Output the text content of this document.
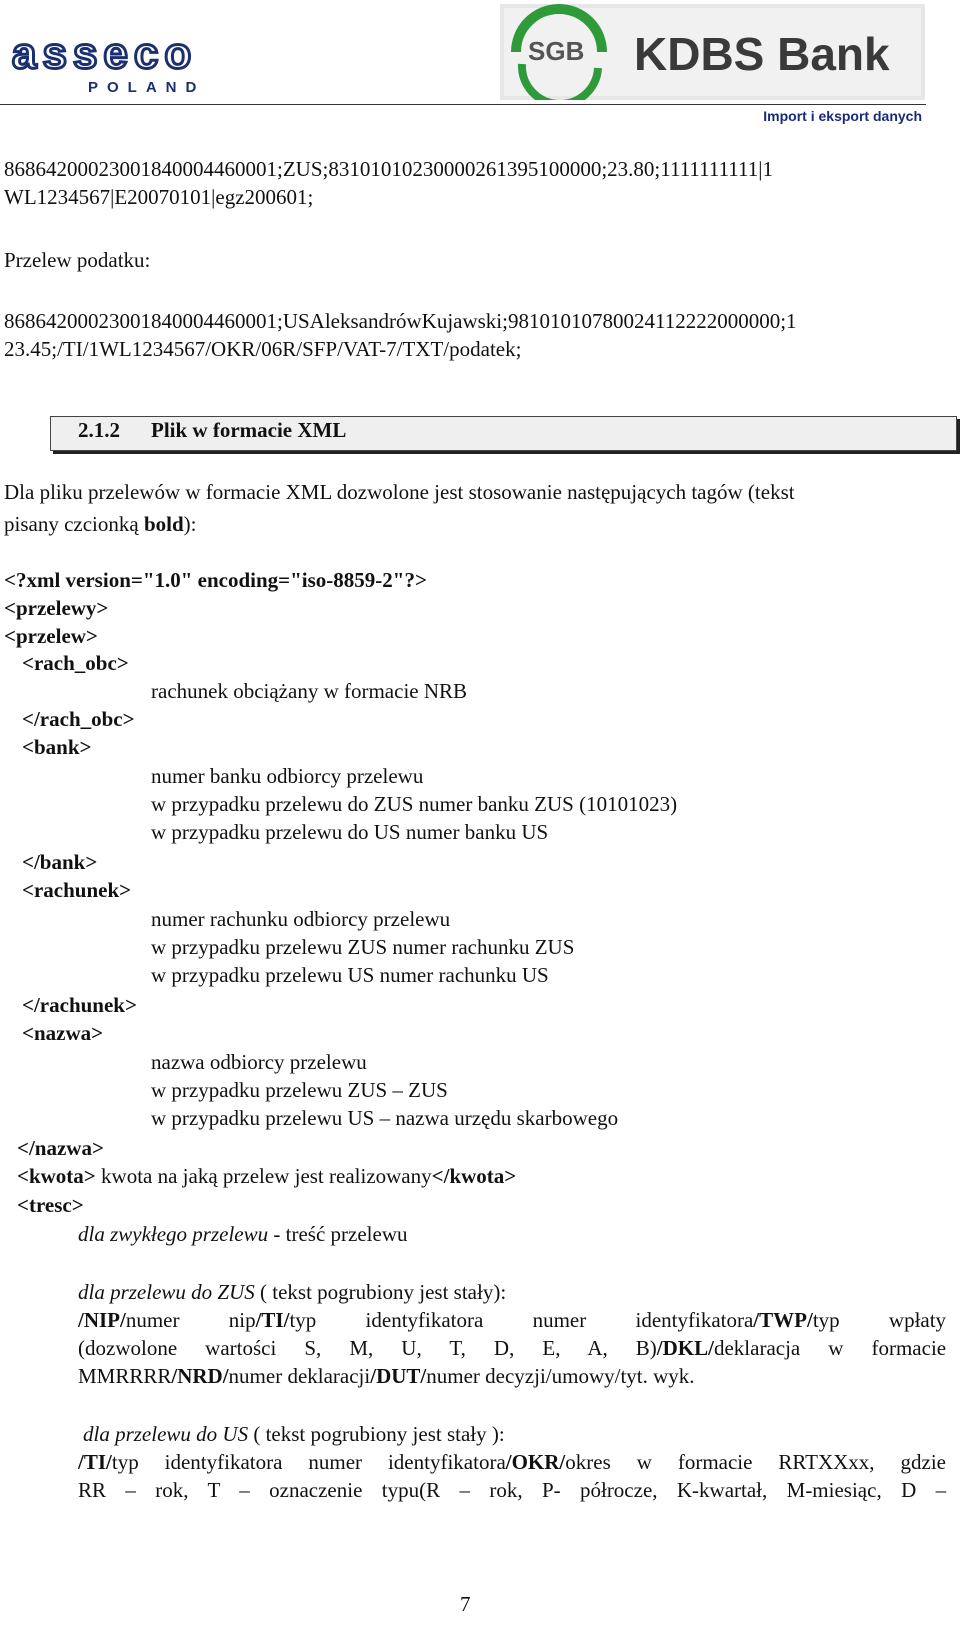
asseco
POLAND
SGB KDBS Bank
Import i eksport danych
86864200023001840004460001;ZUS;83101010230000261395100000;23.80;1111111111|1
WL1234567|E20070101|egz200601;
Przelew podatku:
86864200023001840004460001;USAleksandrówKujawski;98101010780024112222000000;1
23.45;/TI/1WL1234567/OKR/06R/SFP/VAT-7/TXT/podatek;
2.1.2 Plik w formacie XML
Dla pliku przelewów w formacie XML dozwolone jest stosowanie następujących tagów (tekst
pisany czcionką bold):
<?xml version="1.0" encoding="iso-8859-2"?>
<przelewy>
<przelew>
<rach_obc>
rachunek obciążany w formacie NRB
</rach_obc>
<bank>
numer banku odbiorcy przelewu
w przypadku przelewu do ZUS numer banku ZUS (10101023)
w przypadku przelewu do US numer banku US
</bank>
<rachunek>
numer rachunku odbiorcy przelewu
w przypadku przelewu ZUS numer rachunku ZUS
w przypadku przelewu US numer rachunku US
</rachunek>
<nazwa>
nazwa odbiorcy przelewu
w przypadku przelewu ZUS – ZUS
w przypadku przelewu US – nazwa urzędu skarbowego
</nazwa>
<kwota> kwota na jaką przelew jest realizowany</kwota>
<tresc>
dla zwykłego przelewu - treść przelewu
dla przelewu do ZUS ( tekst pogrubiony jest stały):
/NIP/numer nip/TI/typ identyfikatora numer identyfikatora/TWP/typ wpłaty
(dozwolone wartości S, M, U, T, D, E, A, B)/DKL/deklaracja w formacie
MMRRRR/NRD/numer deklaracji/DUT/numer decyzji/umowy/tyt. wyk.
dla przelewu do US ( tekst pogrubiony jest stały ):
/TI/typ identyfikatora numer identyfikatora/OKR/okres w formacie RRTXXxx, gdzie
RR – rok, T – oznaczenie typu(R – rok, P- półrocze, K-kwartał, M-miesiąc, D –
7
